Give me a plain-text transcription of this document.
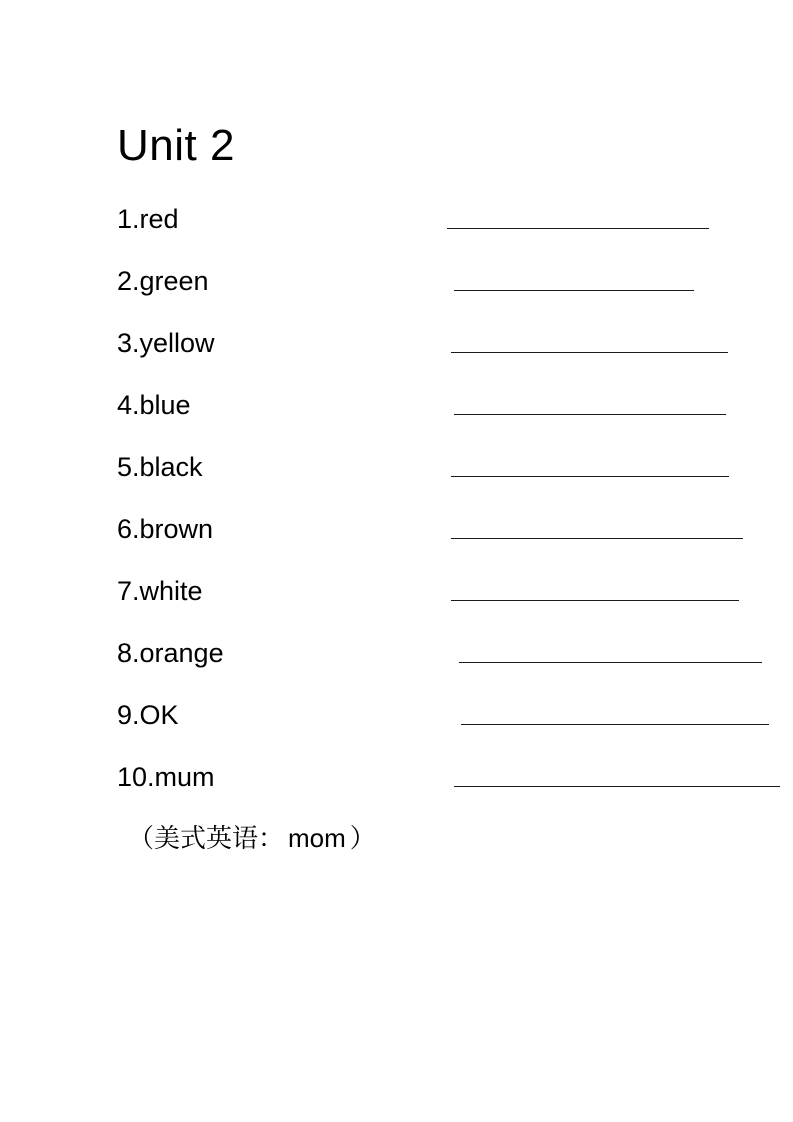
Unit 2
1.red
2.green
3.yellow
4.blue
5.black
6.brown
7.white
8.orange
9.OK
10.mum
（美式英语： mom ）
